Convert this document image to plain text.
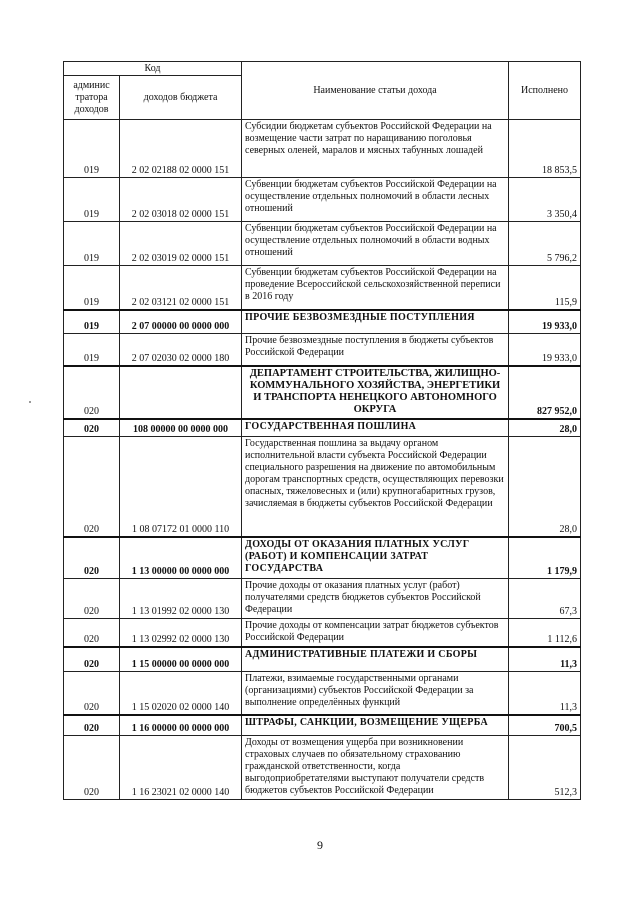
Код		Наименование статьи дохода	Исполнено
админис тратора доходов	доходов бюджета		
019	2 02 02188 02 0000 151	Субсидии бюджетам субъектов Российской Федерации на возмещение части затрат по наращиванию поголовья северных оленей, маралов и мясных табунных лошадей	18 853,5
019	2 02 03018 02 0000 151	Субвенции бюджетам субъектов Российской Федерации на осуществление отдельных полномочий в области лесных отношений	3 350,4
019	2 02 03019 02 0000 151	Субвенции бюджетам субъектов Российской Федерации на осуществление отдельных полномочий в области водных отношений	5 796,2
019	2 02 03121 02 0000 151	Субвенции бюджетам субъектов Российской Федерации на проведение Всероссийской сельскохозяйственной переписи в 2016 году	115,9
019	2 07 00000 00 0000 000	ПРОЧИЕ БЕЗВОЗМЕЗДНЫЕ ПОСТУПЛЕНИЯ	19 933,0
019	2 07 02030 02 0000 180	Прочие безвозмездные поступления в бюджеты субъектов Российской Федерации	19 933,0
020		ДЕПАРТАМЕНТ СТРОИТЕЛЬСТВА, ЖИЛИЩНО-КОММУНАЛЬНОГО ХОЗЯЙСТВА, ЭНЕРГЕТИКИ И ТРАНСПОРТА НЕНЕЦКОГО АВТОНОМНОГО ОКРУГА	827 952,0
020	108 00000 00 0000 000	ГОСУДАРСТВЕННАЯ ПОШЛИНА	28,0
020	1 08 07172 01 0000 110	Государственная пошлина за выдачу органом исполнительной власти субъекта Российской Федерации специального разрешения на движение по автомобильным дорогам транспортных средств, осуществляющих перевозки опасных, тяжеловесных и (или) крупногабаритных грузов, зачисляемая в бюджеты субъектов Российской Федерации	28,0
020	1 13 00000 00 0000 000	ДОХОДЫ ОТ ОКАЗАНИЯ ПЛАТНЫХ УСЛУГ (РАБОТ) И КОМПЕНСАЦИИ ЗАТРАТ ГОСУДАРСТВА	1 179,9
020	1 13 01992 02 0000 130	Прочие доходы от оказания платных услуг (работ) получателями средств бюджетов субъектов Российской Федерации	67,3
020	1 13 02992 02 0000 130	Прочие доходы от компенсации затрат бюджетов субъектов Российской Федерации	1 112,6
020	1 15 00000 00 0000 000	АДМИНИСТРАТИВНЫЕ ПЛАТЕЖИ И СБОРЫ	11,3
020	1 15 02020 02 0000 140	Платежи, взимаемые государственными органами (организациями) субъектов Российской Федерации за выполнение определённых функций	11,3
020	1 16 00000 00 0000 000	ШТРАФЫ, САНКЦИИ, ВОЗМЕЩЕНИЕ УЩЕРБА	700,5
020	1 16 23021 02 0000 140	Доходы от возмещения ущерба при возникновении страховых случаев по обязательному страхованию гражданской ответственности, когда выгодоприобретателями выступают получатели средств бюджетов субъектов Российской Федерации	512,3
9
